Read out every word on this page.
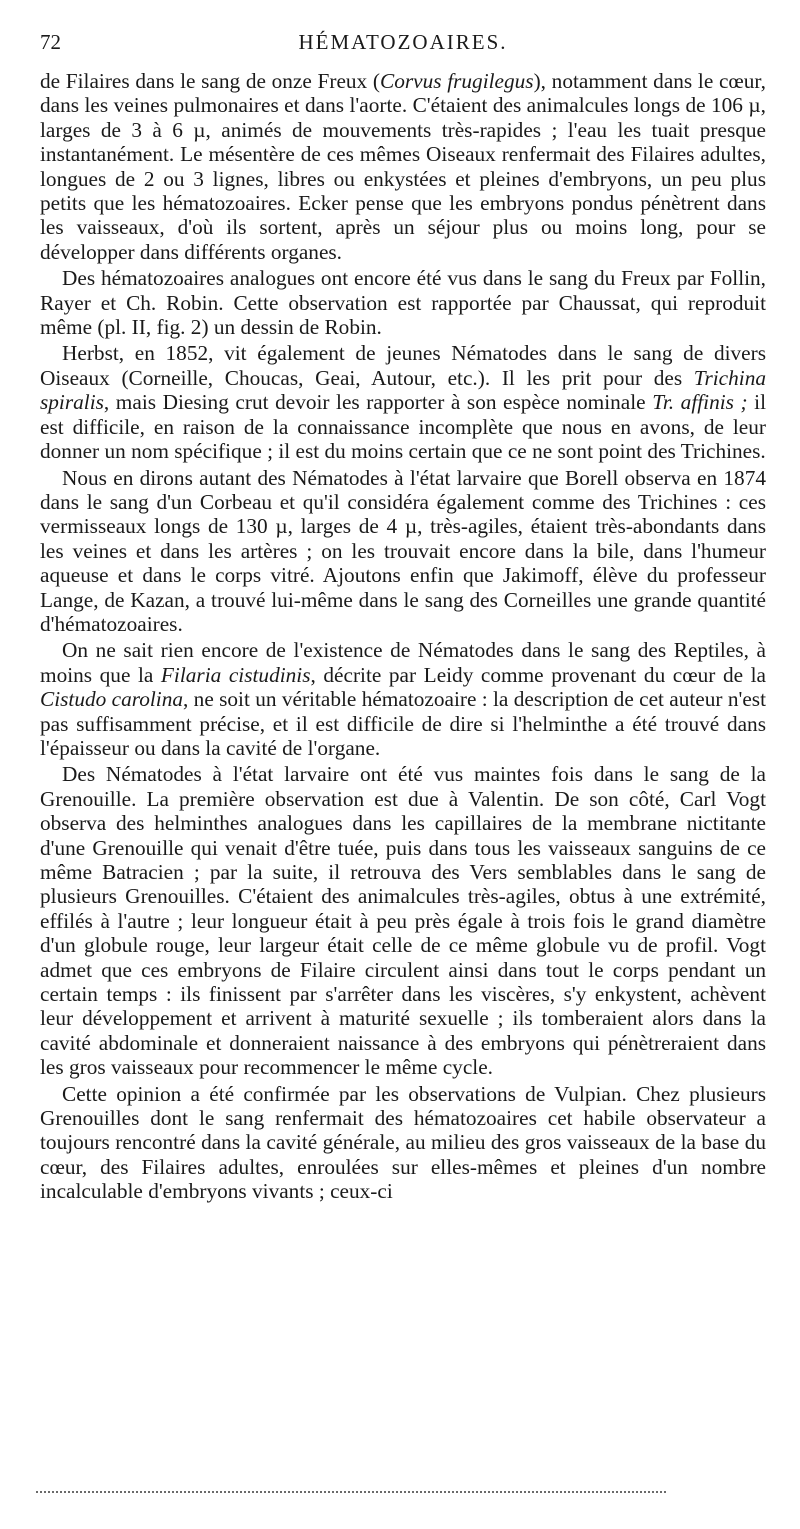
72	HÉMATOZOAIRES.

de Filaires dans le sang de onze Freux (Corvus frugilegus), notamment dans le cœur, dans les veines pulmonaires et dans l'aorte. C'étaient des animalcules longs de 106 µ, larges de 3 à 6 µ, animés de mouvements très-rapides ; l'eau les tuait presque instantanément. Le mésentère de ces mêmes Oiseaux renfermait des Filaires adultes, longues de 2 ou 3 lignes, libres ou enkystées et pleines d'embryons, un peu plus petits que les hématozoaires. Ecker pense que les embryons pondus pénètrent dans les vaisseaux, d'où ils sortent, après un séjour plus ou moins long, pour se développer dans différents organes.

Des hématozoaires analogues ont encore été vus dans le sang du Freux par Follin, Rayer et Ch. Robin. Cette observation est rapportée par Chaussat, qui reproduit même (pl. II, fig. 2) un dessin de Robin.

Herbst, en 1852, vit également de jeunes Nématodes dans le sang de divers Oiseaux (Corneille, Choucas, Geai, Autour, etc.). Il les prit pour des Trichina spiralis, mais Diesing crut devoir les rapporter à son espèce nominale Tr. affinis ; il est difficile, en raison de la connaissance incomplète que nous en avons, de leur donner un nom spécifique ; il est du moins certain que ce ne sont point des Trichines.

Nous en dirons autant des Nématodes à l'état larvaire que Borell observa en 1874 dans le sang d'un Corbeau et qu'il considéra également comme des Trichines : ces vermisseaux longs de 130 µ, larges de 4 µ, très-agiles, étaient très-abondants dans les veines et dans les artères ; on les trouvait encore dans la bile, dans l'humeur aqueuse et dans le corps vitré. Ajoutons enfin que Jakimoff, élève du professeur Lange, de Kazan, a trouvé lui-même dans le sang des Corneilles une grande quantité d'hématozoaires.

On ne sait rien encore de l'existence de Nématodes dans le sang des Reptiles, à moins que la Filaria cistudinis, décrite par Leidy comme provenant du cœur de la Cistudo carolina, ne soit un véritable hématozoaire : la description de cet auteur n'est pas suffisamment précise, et il est difficile de dire si l'helminthe a été trouvé dans l'épaisseur ou dans la cavité de l'organe.

Des Nématodes à l'état larvaire ont été vus maintes fois dans le sang de la Grenouille. La première observation est due à Valentin. De son côté, Carl Vogt observa des helminthes analogues dans les capillaires de la membrane nictitante d'une Grenouille qui venait d'être tuée, puis dans tous les vaisseaux sanguins de ce même Batracien ; par la suite, il retrouva des Vers semblables dans le sang de plusieurs Grenouilles. C'étaient des animalcules très-agiles, obtus à une extrémité, effilés à l'autre ; leur longueur était à peu près égale à trois fois le grand diamètre d'un globule rouge, leur largeur était celle de ce même globule vu de profil. Vogt admet que ces embryons de Filaire circulent ainsi dans tout le corps pendant un certain temps : ils finissent par s'arrêter dans les viscères, s'y enkystent, achèvent leur développement et arrivent à maturité sexuelle ; ils tomberaient alors dans la cavité abdominale et donneraient naissance à des embryons qui pénètreraient dans les gros vaisseaux pour recommencer le même cycle.

Cette opinion a été confirmée par les observations de Vulpian. Chez plusieurs Grenouilles dont le sang renfermait des hématozoaires cet habile observateur a toujours rencontré dans la cavité générale, au milieu des gros vaisseaux de la base du cœur, des Filaires adultes, enroulées sur elles-mêmes et pleines d'un nombre incalculable d'embryons vivants ; ceux-ci
